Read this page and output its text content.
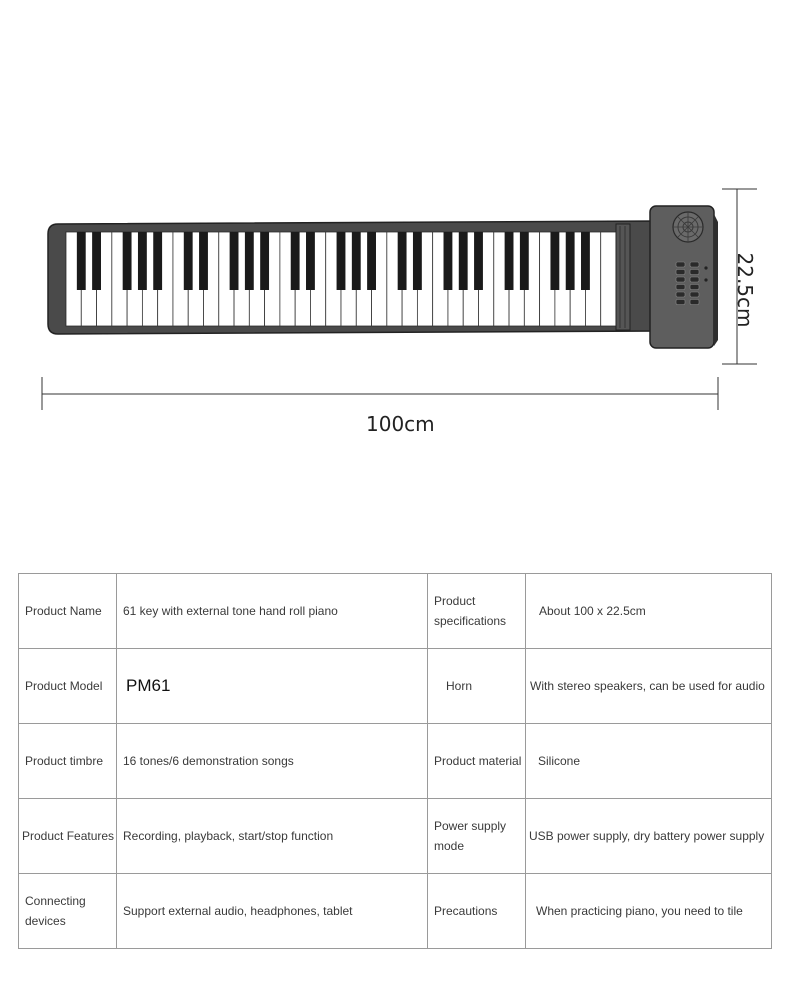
100cm
22.5cm
Product Name	61 key with external tone hand roll piano	Product specifications	About 100 x 22.5cm
Product Model	PM61	Horn	With stereo speakers, can be used for audio
Product timbre	16 tones/6 demonstration songs	Product material	Silicone
Product Features	Recording, playback, start/stop function	Power supply mode	USB power supply, dry battery power supply
Connecting devices	Support external audio, headphones, tablet	Precautions	When practicing piano, you need to tile
